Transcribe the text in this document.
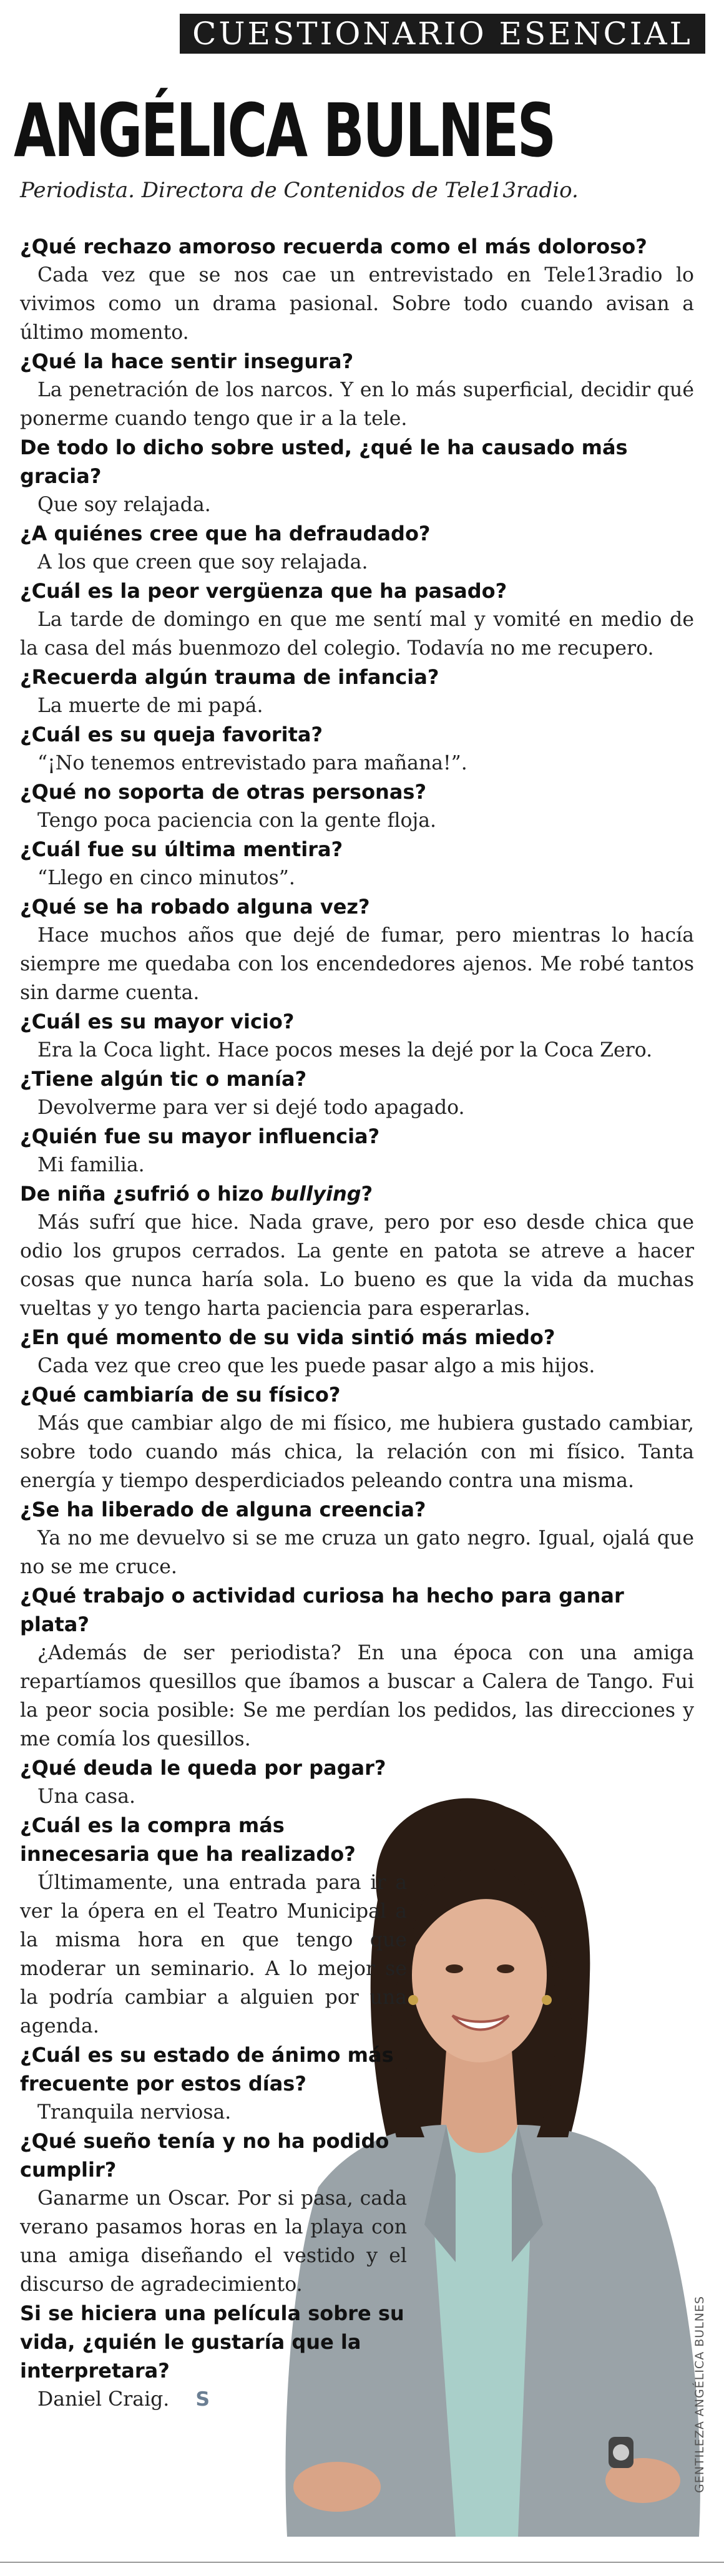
CUESTIONARIO ESENCIAL
ANGÉLICA BULNES
Periodista. Directora de Contenidos de Tele13radio.
GENTILEZA ANGÉLICA BULNES

¿Qué rechazo amoroso recuerda como el más doloroso?

Cada vez que se nos cae un entrevistado en Tele13radio lo vivimos como un drama pasional. Sobre todo cuando avisan a último momento.

¿Qué la hace sentir insegura?

La penetración de los narcos. Y en lo más superficial, decidir qué ponerme cuando tengo que ir a la tele.

De todo lo dicho sobre usted, ¿qué le ha causado más gracia?

Que soy relajada.

¿A quiénes cree que ha defraudado?

A los que creen que soy relajada.

¿Cuál es la peor vergüenza que ha pasado?

La tarde de domingo en que me sentí mal y vomité en medio de la casa del más buenmozo del colegio. Todavía no me recupero.

¿Recuerda algún trauma de infancia?

La muerte de mi papá.

¿Cuál es su queja favorita?

“¡No tenemos entrevistado para mañana!”.

¿Qué no soporta de otras personas?

Tengo poca paciencia con la gente floja.

¿Cuál fue su última mentira?

“Llego en cinco minutos”.

¿Qué se ha robado alguna vez?

Hace muchos años que dejé de fumar, pero mientras lo hacía siempre me quedaba con los encendedores ajenos. Me robé tantos sin darme cuenta.

¿Cuál es su mayor vicio?

Era la Coca light. Hace pocos meses la dejé por la Coca Zero.

¿Tiene algún tic o manía?

Devolverme para ver si dejé todo apagado.

¿Quién fue su mayor influencia?

Mi familia.

De niña ¿sufrió o hizo bullying?

Más sufrí que hice. Nada grave, pero por eso desde chica que odio los grupos cerrados. La gente en patota se atreve a hacer cosas que nunca haría sola. Lo bueno es que la vida da muchas vueltas y yo tengo harta paciencia para esperarlas.

¿En qué momento de su vida sintió más miedo?

Cada vez que creo que les puede pasar algo a mis hijos.

¿Qué cambiaría de su físico?

Más que cambiar algo de mi físico, me hubiera gustado cambiar, sobre todo cuando más chica, la relación con mi físico. Tanta energía y tiempo desperdiciados peleando contra una misma.

¿Se ha liberado de alguna creencia?

Ya no me devuelvo si se me cruza un gato negro. Igual, ojalá que no se me cruce.

¿Qué trabajo o actividad curiosa ha hecho para ganar plata?

¿Además de ser periodista? En una época con una amiga repartíamos quesillos que íbamos a buscar a Calera de Tango. Fui la peor socia posible: Se me perdían los pedidos, las direcciones y me comía los quesillos.

¿Qué deuda le queda por pagar?

Una casa.

¿Cuál es la compra más innecesaria que ha realizado?

Últimamente, una entrada para ir a ver la ópera en el Teatro Municipal a la misma hora en que tengo que moderar un seminario. A lo mejor se la podría cambiar a alguien por una agenda.

¿Cuál es su estado de ánimo más frecuente por estos días?

Tranquila nerviosa.

¿Qué sueño tenía y no ha podido cumplir?

Ganarme un Oscar. Por si pasa, cada verano pasamos horas en la playa con una amiga diseñando el vestido y el discurso de agradecimiento.

Si se hiciera una película sobre su vida, ¿quién le gustaría que la interpretara?

Daniel Craig. S
